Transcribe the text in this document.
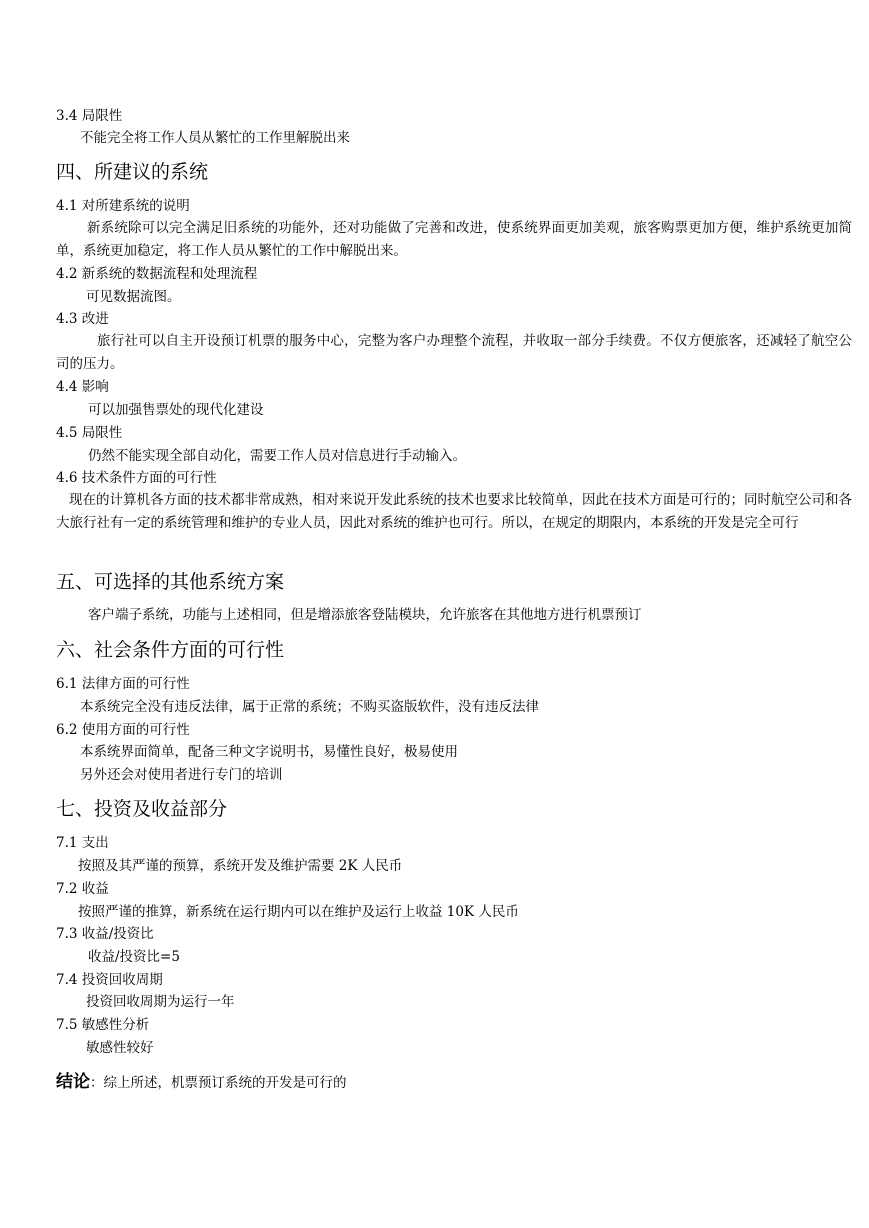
3.4 局限性
不能完全将工作人员从繁忙的工作里解脱出来
四、所建议的系统
4.1 对所建系统的说明
新系统除可以完全满足旧系统的功能外，还对功能做了完善和改进，使系统界面更加美观，旅客购票更加方便，维护系统更加简单，系统更加稳定，将工作人员从繁忙的工作中解脱出来。
4.2 新系统的数据流程和处理流程
可见数据流图。
4.3 改进
旅行社可以自主开设预订机票的服务中心，完整为客户办理整个流程，并收取一部分手续费。不仅方便旅客，还减轻了航空公司的压力。
4.4 影响
可以加强售票处的现代化建设
4.5 局限性
仍然不能实现全部自动化，需要工作人员对信息进行手动输入。
4.6 技术条件方面的可行性
现在的计算机各方面的技术都非常成熟，相对来说开发此系统的技术也要求比较简单，因此在技术方面是可行的；同时航空公司和各大旅行社有一定的系统管理和维护的专业人员，因此对系统的维护也可行。所以，在规定的期限内，本系统的开发是完全可行
五、可选择的其他系统方案
客户端子系统，功能与上述相同，但是增添旅客登陆模块，允许旅客在其他地方进行机票预订
六、社会条件方面的可行性
6.1 法律方面的可行性
本系统完全没有违反法律，属于正常的系统；不购买盗版软件，没有违反法律
6.2 使用方面的可行性
本系统界面简单，配备三种文字说明书，易懂性良好，极易使用
另外还会对使用者进行专门的培训
七、投资及收益部分
7.1 支出
按照及其严谨的预算，系统开发及维护需要 2K 人民币
7.2 收益
按照严谨的推算，新系统在运行期内可以在维护及运行上收益 10K 人民币
7.3 收益/投资比
收益/投资比=5
7.4 投资回收周期
投资回收周期为运行一年
7.5 敏感性分析
敏感性较好
结论：综上所述，机票预订系统的开发是可行的
